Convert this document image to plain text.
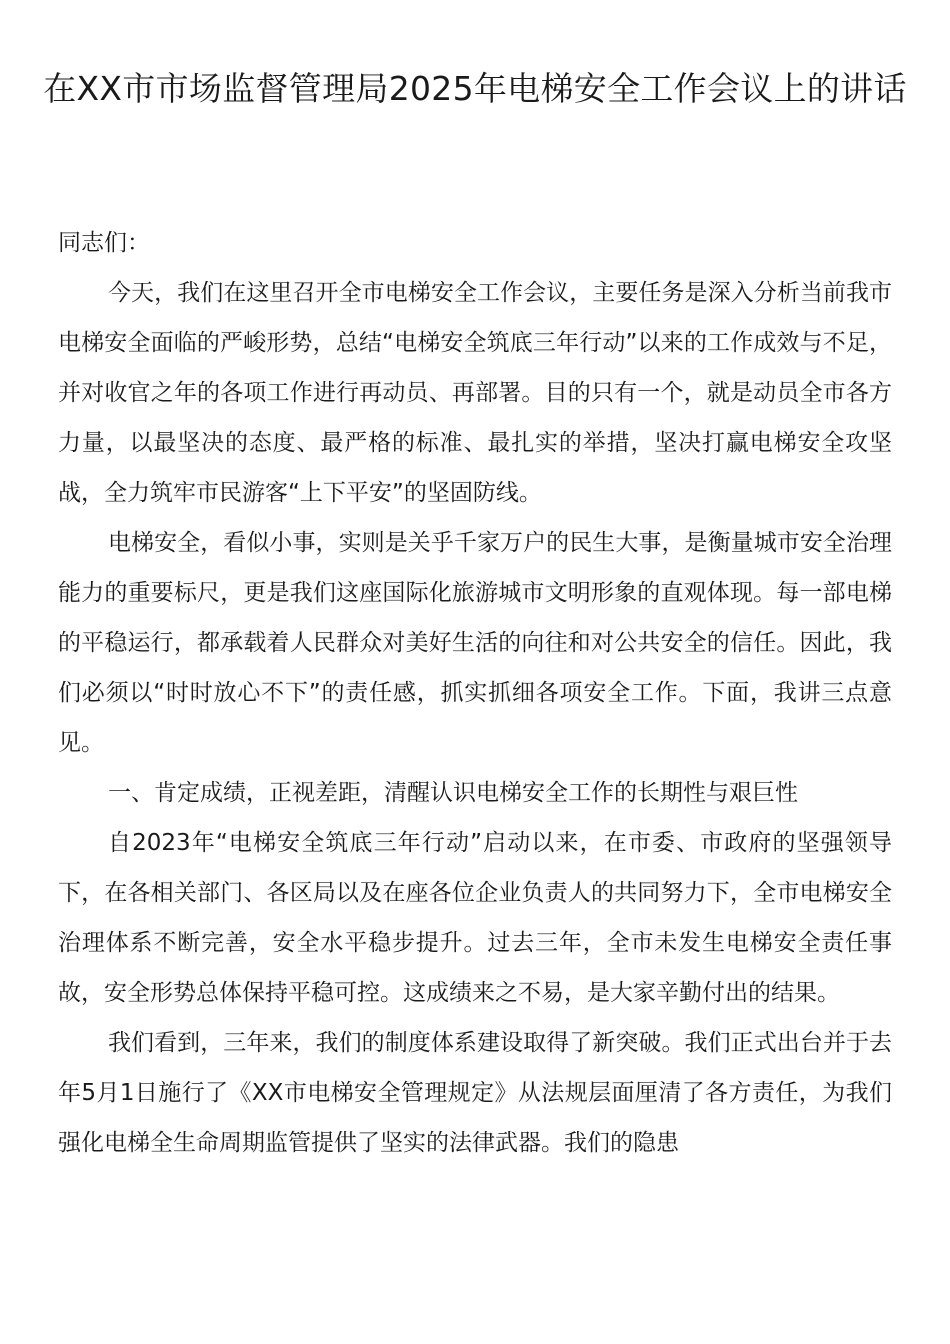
在XX市市场监督管理局2025年电梯安全工作会议上的讲话

同志们：

今天，我们在这里召开全市电梯安全工作会议，主要任务是深入分析当前我市电梯安全面临的严峻形势，总结“电梯安全筑底三年行动”以来的工作成效与不足，并对收官之年的各项工作进行再动员、再部署。目的只有一个，就是动员全市各方力量，以最坚决的态度、最严格的标准、最扎实的举措，坚决打赢电梯安全攻坚战，全力筑牢市民游客“上下平安”的坚固防线。

电梯安全，看似小事，实则是关乎千家万户的民生大事，是衡量城市安全治理能力的重要标尺，更是我们这座国际化旅游城市文明形象的直观体现。每一部电梯的平稳运行，都承载着人民群众对美好生活的向往和对公共安全的信任。因此，我们必须以“时时放心不下”的责任感，抓实抓细各项安全工作。下面，我讲三点意见。

一、肯定成绩，正视差距，清醒认识电梯安全工作的长期性与艰巨性

自2023年“电梯安全筑底三年行动”启动以来，在市委、市政府的坚强领导下，在各相关部门、各区局以及在座各位企业负责人的共同努力下，全市电梯安全治理体系不断完善，安全水平稳步提升。过去三年，全市未发生电梯安全责任事故，安全形势总体保持平稳可控。这成绩来之不易，是大家辛勤付出的结果。

我们看到，三年来，我们的制度体系建设取得了新突破。我们正式出台并于去年5月1日施行了《XX市电梯安全管理规定》从法规层面厘清了各方责任，为我们强化电梯全生命周期监管提供了坚实的法律武器。我们的隐患
